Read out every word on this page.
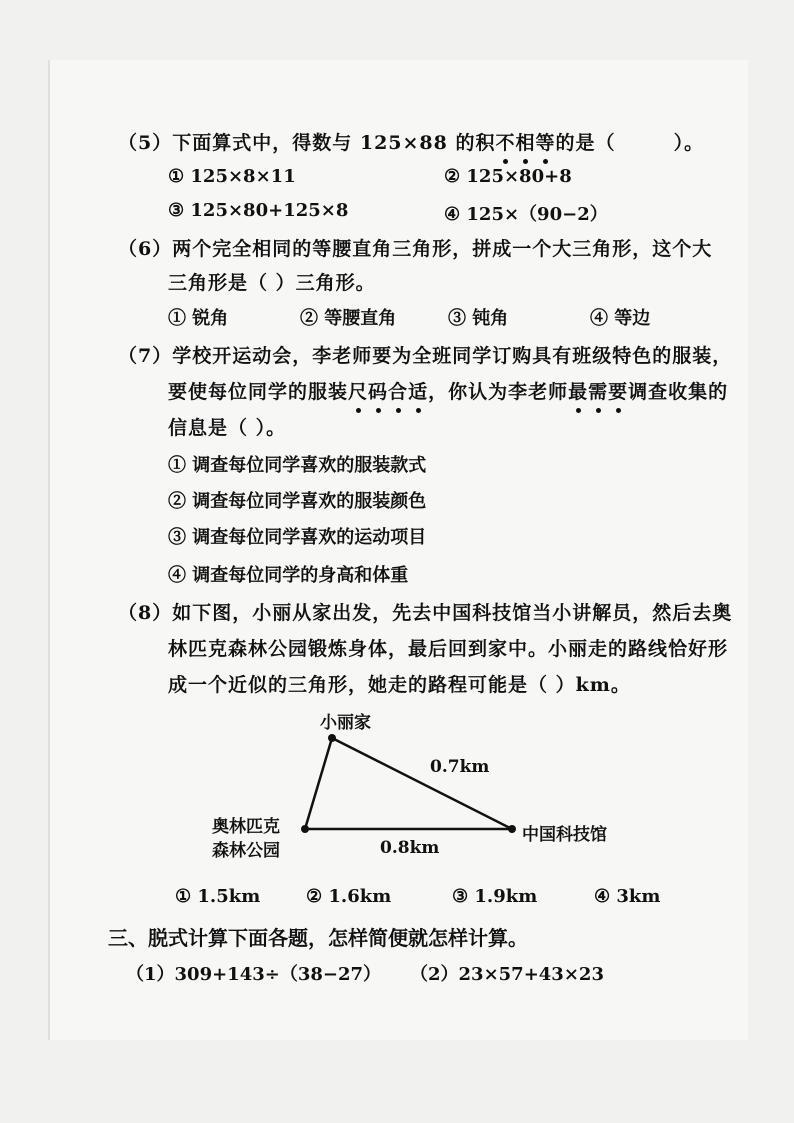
（5）下面算式中，得数与 125×88 的积不相等的是（	）。
① 125×8×11	② 125×80+8
③ 125×80+125×8	④ 125×（90−2）
（6）两个完全相同的等腰直角三角形，拼成一个大三角形，这个大
三角形是（ ）三角形。
① 锐角	② 等腰直角	③ 钝角	④ 等边
（7）学校开运动会，李老师要为全班同学订购具有班级特色的服装，
要使每位同学的服装尺码合适，你认为李老师最需要调查收集的
信息是（ ）。
① 调查每位同学喜欢的服装款式
② 调查每位同学喜欢的服装颜色
③ 调查每位同学喜欢的运动项目
④ 调查每位同学的身高和体重
（8）如下图，小丽从家出发，先去中国科技馆当小讲解员，然后去奥
林匹克森林公园锻炼身体，最后回到家中。小丽走的路线恰好形
成一个近似的三角形，她走的路程可能是（ ）km。
小丽家
0.7km
中国科技馆
奥林匹克
森林公园	0.8km
① 1.5km	② 1.6km	③ 1.9km	④ 3km
三、脱式计算下面各题，怎样简便就怎样计算。
（1）309+143÷（38−27） （2）23×57+43×23
